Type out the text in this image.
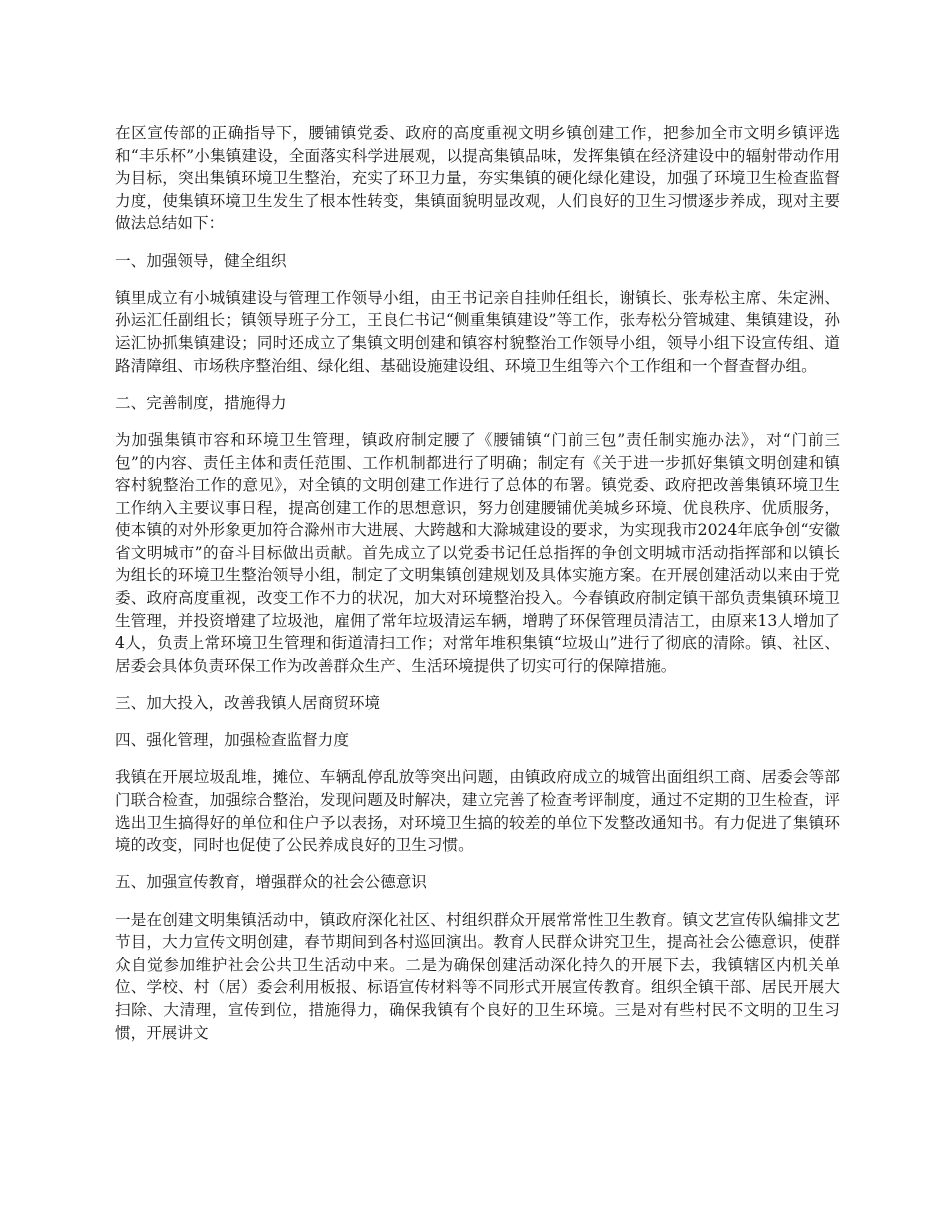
在区宣传部的正确指导下，腰铺镇党委、政府的高度重视文明乡镇创建工作，把参加全市文明乡镇评选和“丰乐杯”小集镇建设，全面落实科学进展观，以提高集镇品味，发挥集镇在经济建设中的辐射带动作用为目标，突出集镇环境卫生整治，充实了环卫力量，夯实集镇的硬化绿化建设，加强了环境卫生检查监督力度，使集镇环境卫生发生了根本性转变，集镇面貌明显改观，人们良好的卫生习惯逐步养成，现对主要做法总结如下：

一、加强领导，健全组织

镇里成立有小城镇建设与管理工作领导小组，由王书记亲自挂帅任组长，谢镇长、张寿松主席、朱定洲、孙运汇任副组长；镇领导班子分工，王良仁书记“侧重集镇建设”等工作，张寿松分管城建、集镇建设，孙运汇协抓集镇建设；同时还成立了集镇文明创建和镇容村貌整治工作领导小组，领导小组下设宣传组、道路清障组、市场秩序整治组、绿化组、基础设施建设组、环境卫生组等六个工作组和一个督查督办组。

二、完善制度，措施得力

为加强集镇市容和环境卫生管理，镇政府制定腰了《腰铺镇“门前三包”责任制实施办法》，对“门前三包”的内容、责任主体和责任范围、工作机制都进行了明确；制定有《关于进一步抓好集镇文明创建和镇容村貌整治工作的意见》，对全镇的文明创建工作进行了总体的布署。镇党委、政府把改善集镇环境卫生工作纳入主要议事日程，提高创建工作的思想意识，努力创建腰铺优美城乡环境、优良秩序、优质服务，使本镇的对外形象更加符合滁州市大进展、大跨越和大滁城建设的要求，为实现我市2024年底争创“安徽省文明城市”的奋斗目标做出贡献。首先成立了以党委书记任总指挥的争创文明城市活动指挥部和以镇长为组长的环境卫生整治领导小组，制定了文明集镇创建规划及具体实施方案。在开展创建活动以来由于党委、政府高度重视，改变工作不力的状况，加大对环境整治投入。今春镇政府制定镇干部负责集镇环境卫生管理，并投资增建了垃圾池，雇佣了常年垃圾清运车辆，增聘了环保管理员清洁工，由原来13人增加了4人，负责上常环境卫生管理和街道清扫工作；对常年堆积集镇“垃圾山”进行了彻底的清除。镇、社区、居委会具体负责环保工作为改善群众生产、生活环境提供了切实可行的保障措施。

三、加大投入，改善我镇人居商贸环境

四、强化管理，加强检查监督力度

我镇在开展垃圾乱堆，摊位、车辆乱停乱放等突出问题，由镇政府成立的城管出面组织工商、居委会等部门联合检查，加强综合整治，发现问题及时解决，建立完善了检查考评制度，通过不定期的卫生检查，评选出卫生搞得好的单位和住户予以表扬，对环境卫生搞的较差的单位下发整改通知书。有力促进了集镇环境的改变，同时也促使了公民养成良好的卫生习惯。

五、加强宣传教育，增强群众的社会公德意识

一是在创建文明集镇活动中，镇政府深化社区、村组织群众开展常常性卫生教育。镇文艺宣传队编排文艺节目，大力宣传文明创建，春节期间到各村巡回演出。教育人民群众讲究卫生，提高社会公德意识，使群众自觉参加维护社会公共卫生活动中来。二是为确保创建活动深化持久的开展下去，我镇辖区内机关单位、学校、村（居）委会利用板报、标语宣传材料等不同形式开展宣传教育。组织全镇干部、居民开展大扫除、大清理，宣传到位，措施得力，确保我镇有个良好的卫生环境。三是对有些村民不文明的卫生习惯，开展讲文
